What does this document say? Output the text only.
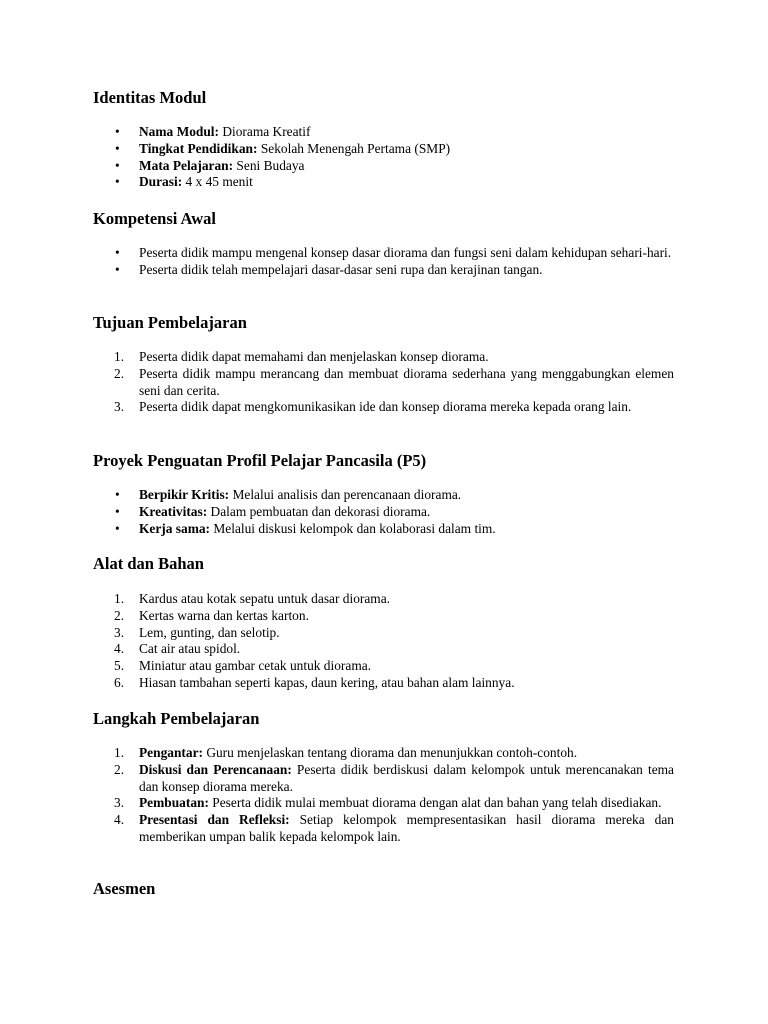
Identitas Modul
• Nama Modul: Diorama Kreatif
• Tingkat Pendidikan: Sekolah Menengah Pertama (SMP)
• Mata Pelajaran: Seni Budaya
• Durasi: 4 x 45 menit
Kompetensi Awal
• Peserta didik mampu mengenal konsep dasar diorama dan fungsi seni dalam kehidupan sehari-hari.
• Peserta didik telah mempelajari dasar-dasar seni rupa dan kerajinan tangan.
Tujuan Pembelajaran
1. Peserta didik dapat memahami dan menjelaskan konsep diorama.
2. Peserta didik mampu merancang dan membuat diorama sederhana yang menggabungkan elemen seni dan cerita.
3. Peserta didik dapat mengkomunikasikan ide dan konsep diorama mereka kepada orang lain.
Proyek Penguatan Profil Pelajar Pancasila (P5)
• Berpikir Kritis: Melalui analisis dan perencanaan diorama.
• Kreativitas: Dalam pembuatan dan dekorasi diorama.
• Kerja sama: Melalui diskusi kelompok dan kolaborasi dalam tim.
Alat dan Bahan
1. Kardus atau kotak sepatu untuk dasar diorama.
2. Kertas warna dan kertas karton.
3. Lem, gunting, dan selotip.
4. Cat air atau spidol.
5. Miniatur atau gambar cetak untuk diorama.
6. Hiasan tambahan seperti kapas, daun kering, atau bahan alam lainnya.
Langkah Pembelajaran
1. Pengantar: Guru menjelaskan tentang diorama dan menunjukkan contoh-contoh.
2. Diskusi dan Perencanaan: Peserta didik berdiskusi dalam kelompok untuk merencanakan tema dan konsep diorama mereka.
3. Pembuatan: Peserta didik mulai membuat diorama dengan alat dan bahan yang telah disediakan.
4. Presentasi dan Refleksi: Setiap kelompok mempresentasikan hasil diorama mereka dan memberikan umpan balik kepada kelompok lain.
Asesmen
